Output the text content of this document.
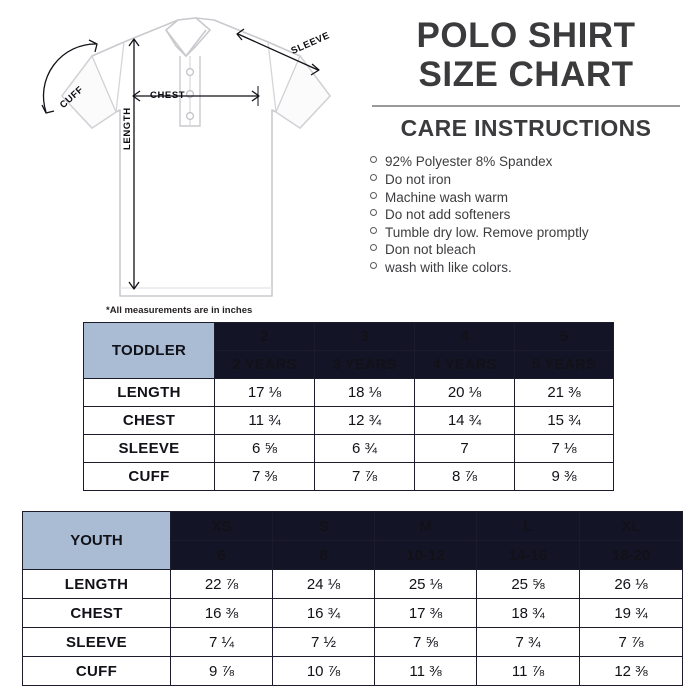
CHEST
SLEEVE
CUFF
LENGTH
*All measurements are in inches
POLO SHIRT
SIZE CHART
CARE INSTRUCTIONS
92% Polyester 8% Spandex
Do not iron
Machine wash warm
Do not add softeners
Tumble dry low. Remove promptly
Don not bleach
wash with like colors.
TODDLER	2	3	4	5
	2 YEARS	3 YEARS	4 YEARS	5 YEARS
LENGTH	17 ⅛	18 ⅛	20 ⅛	21 ⅜
CHEST	11 ¾	12 ¾	14 ¾	15 ¾
SLEEVE	6 ⅝	6 ¾	7	7 ⅛
CUFF	7 ⅜	7 ⅞	8 ⅞	9 ⅜
YOUTH	XS	S	M	L	XL
	6	8	10-12	14-16	18-20
LENGTH	22 ⅞	24 ⅛	25 ⅛	25 ⅝	26 ⅛
CHEST	16 ⅜	16 ¾	17 ⅜	18 ¾	19 ¾
SLEEVE	7 ¼	7 ½	7 ⅝	7 ¾	7 ⅞
CUFF	9 ⅞	10 ⅞	11 ⅜	11 ⅞	12 ⅜
